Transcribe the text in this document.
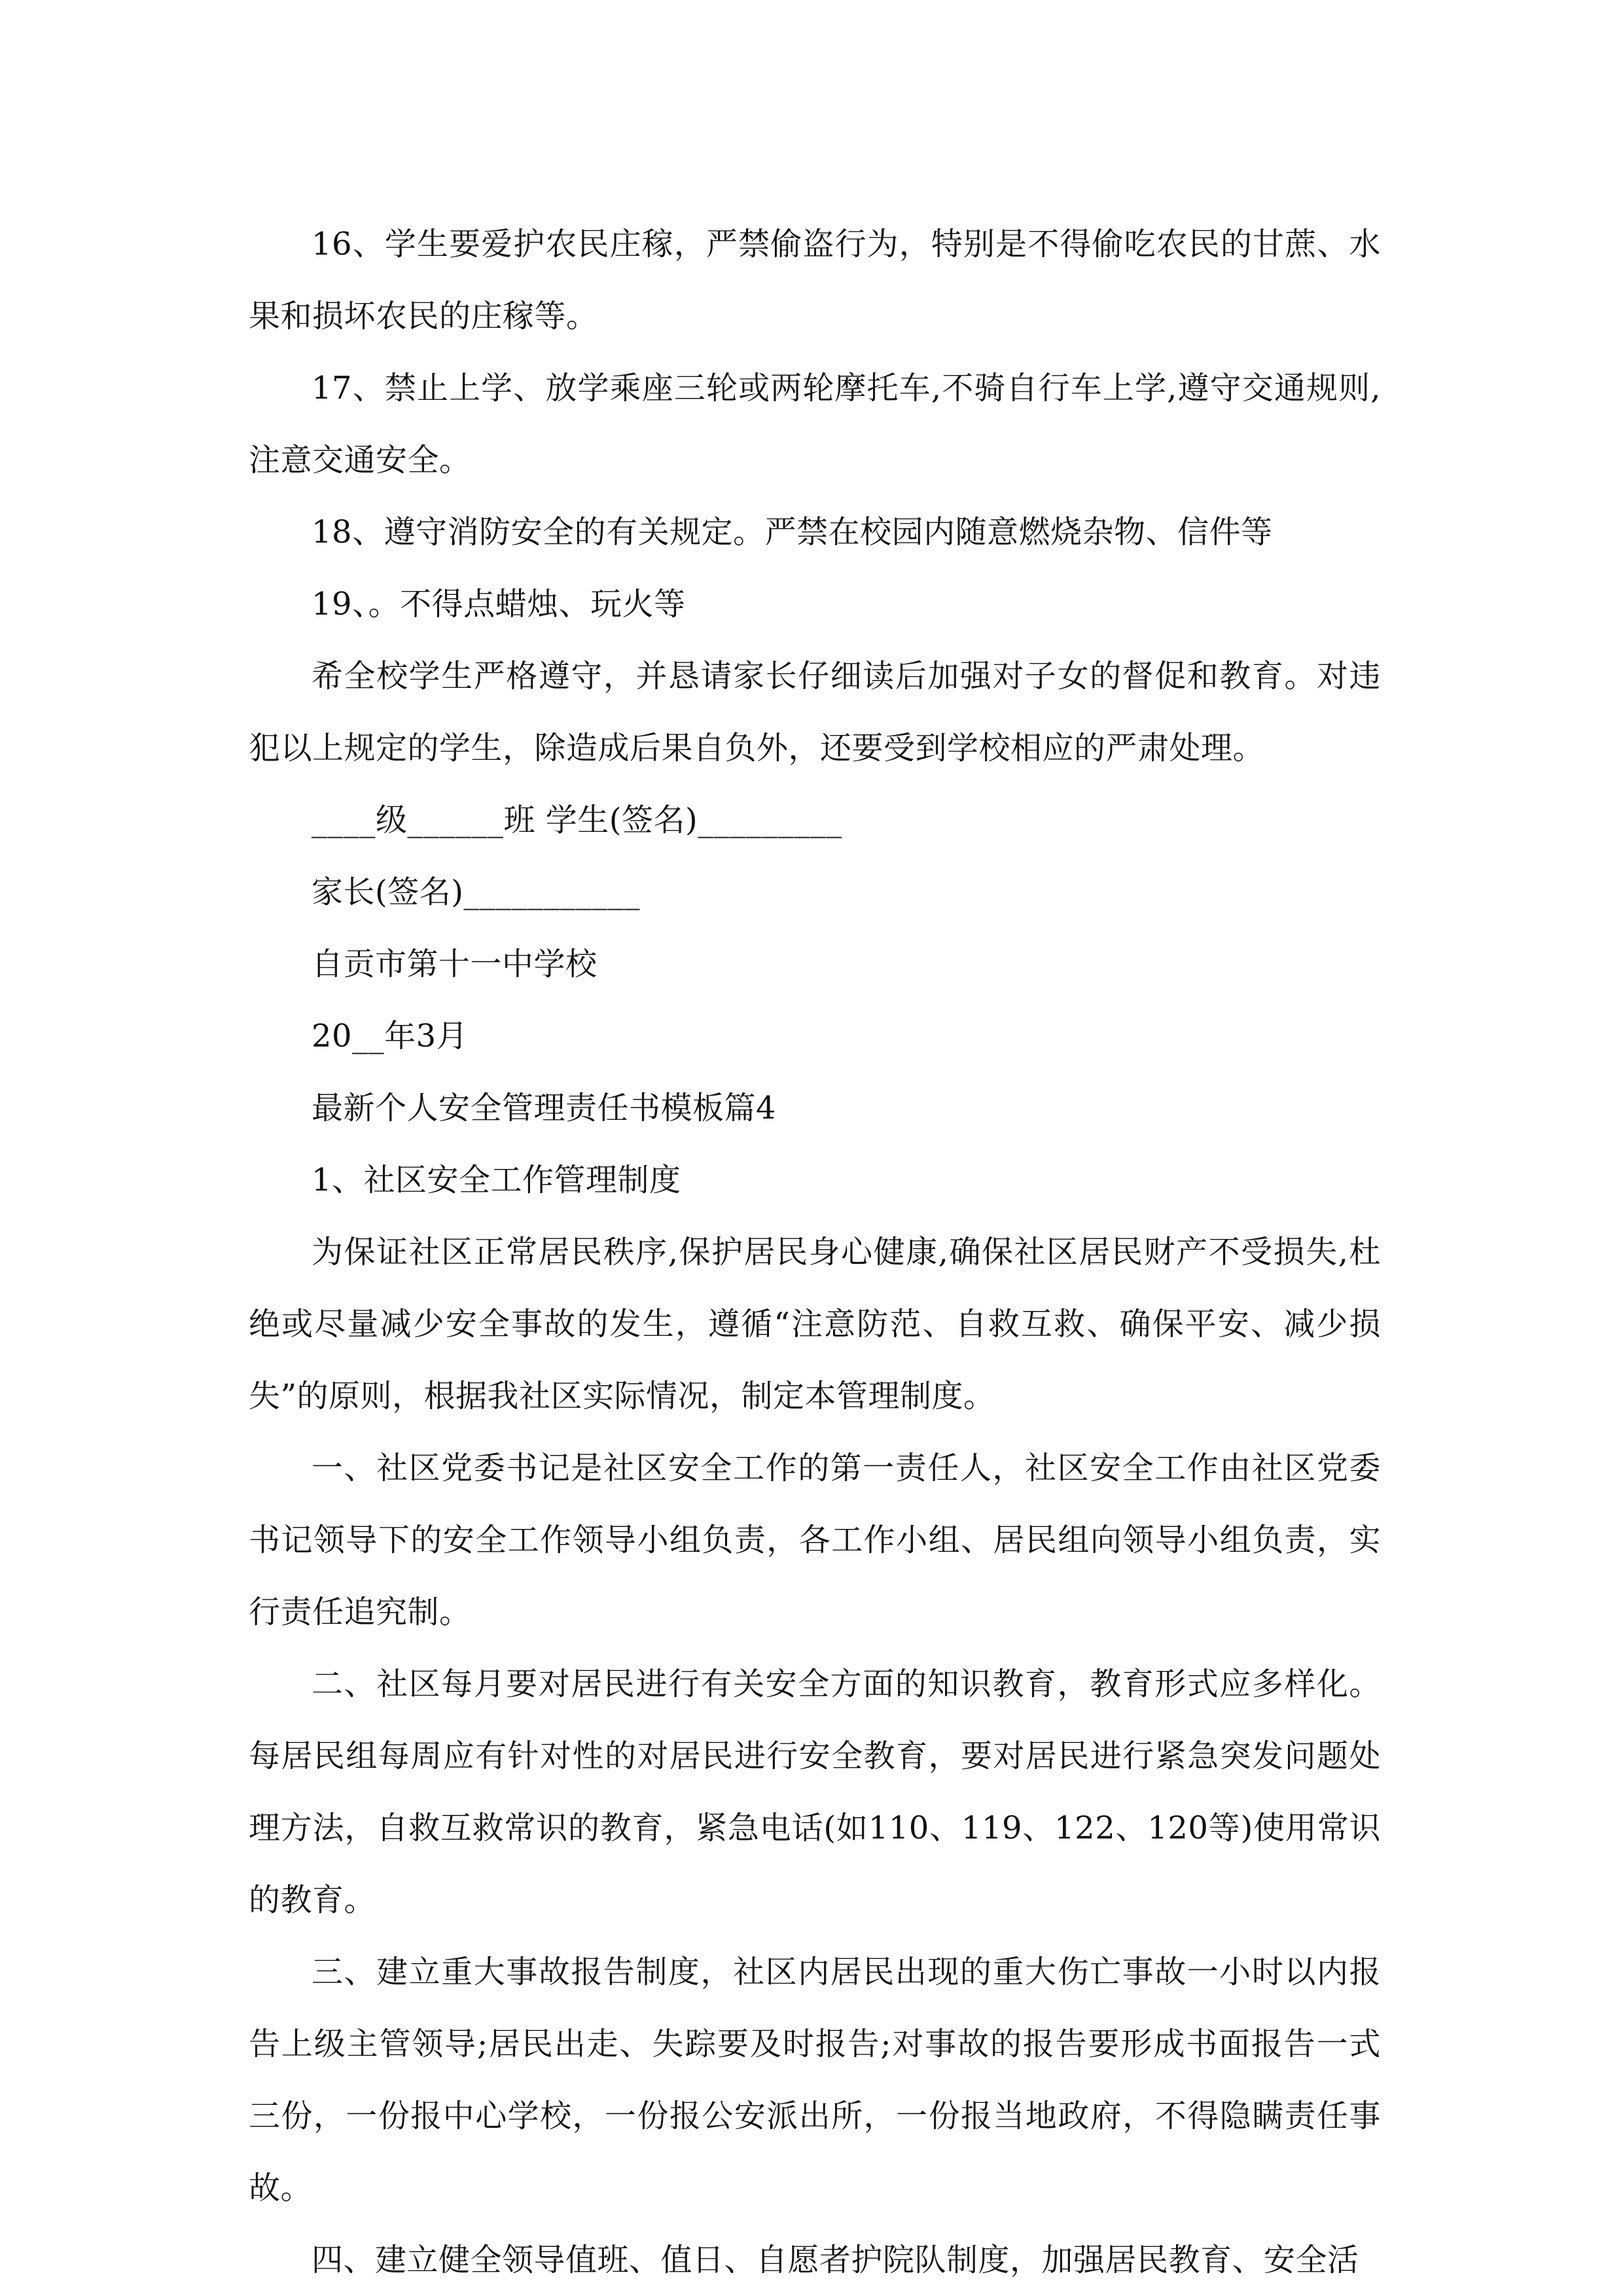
16、学生要爱护农民庄稼，严禁偷盗行为，特别是不得偷吃农民的甘蔗、水果和损坏农民的庄稼等。

17、禁止上学、放学乘座三轮或两轮摩托车,不骑自行车上学,遵守交通规则,注意交通安全。

18、遵守消防安全的有关规定。严禁在校园内随意燃烧杂物、信件等

19、。不得点蜡烛、玩火等

希全校学生严格遵守，并恳请家长仔细读后加强对子女的督促和教育。对违犯以上规定的学生，除造成后果自负外，还要受到学校相应的严肃处理。

____级______班 学生(签名)_________

家长(签名)___________

自贡市第十一中学校

20__年3月

最新个人安全管理责任书模板篇4

1、社区安全工作管理制度

为保证社区正常居民秩序,保护居民身心健康,确保社区居民财产不受损失,杜绝或尽量减少安全事故的发生，遵循“注意防范、自救互救、确保平安、减少损失”的原则，根据我社区实际情况，制定本管理制度。

一、社区党委书记是社区安全工作的第一责任人，社区安全工作由社区党委书记领导下的安全工作领导小组负责，各工作小组、居民组向领导小组负责，实行责任追究制。

二、社区每月要对居民进行有关安全方面的知识教育，教育形式应多样化。每居民组每周应有针对性的对居民进行安全教育，要对居民进行紧急突发问题处理方法，自救互救常识的教育，紧急电话(如110、119、122、120等)使用常识的教育。

三、建立重大事故报告制度，社区内居民出现的重大伤亡事故一小时以内报告上级主管领导;居民出走、失踪要及时报告;对事故的报告要形成书面报告一式三份，一份报中心学校，一份报公安派出所，一份报当地政府，不得隐瞒责任事故。

四、建立健全领导值班、值日、自愿者护院队制度，加强居民教育、安全活
